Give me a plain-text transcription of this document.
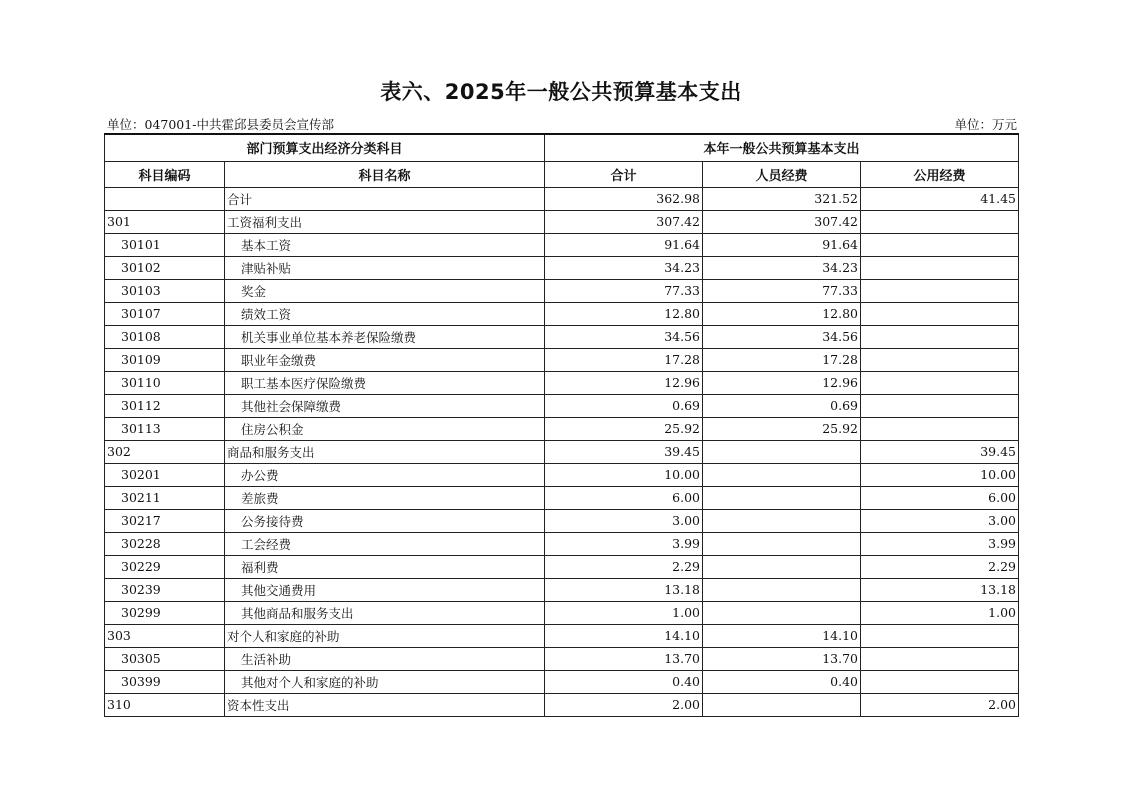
表六、2025年一般公共预算基本支出
单位：047001-中共霍邱县委员会宣传部	单位：万元
部门预算支出经济分类科目		本年一般公共预算基本支出		
科目编码	科目名称	合计	人员经费	公用经费
	合计	362.98	321.52	41.45
301	工资福利支出	307.42	307.42	
30101	基本工资	91.64	91.64	
30102	津贴补贴	34.23	34.23	
30103	奖金	77.33	77.33	
30107	绩效工资	12.80	12.80	
30108	机关事业单位基本养老保险缴费	34.56	34.56	
30109	职业年金缴费	17.28	17.28	
30110	职工基本医疗保险缴费	12.96	12.96	
30112	其他社会保障缴费	0.69	0.69	
30113	住房公积金	25.92	25.92	
302	商品和服务支出	39.45		39.45
30201	办公费	10.00		10.00
30211	差旅费	6.00		6.00
30217	公务接待费	3.00		3.00
30228	工会经费	3.99		3.99
30229	福利费	2.29		2.29
30239	其他交通费用	13.18		13.18
30299	其他商品和服务支出	1.00		1.00
303	对个人和家庭的补助	14.10	14.10	
30305	生活补助	13.70	13.70	
30399	其他对个人和家庭的补助	0.40	0.40	
310	资本性支出	2.00		2.00
